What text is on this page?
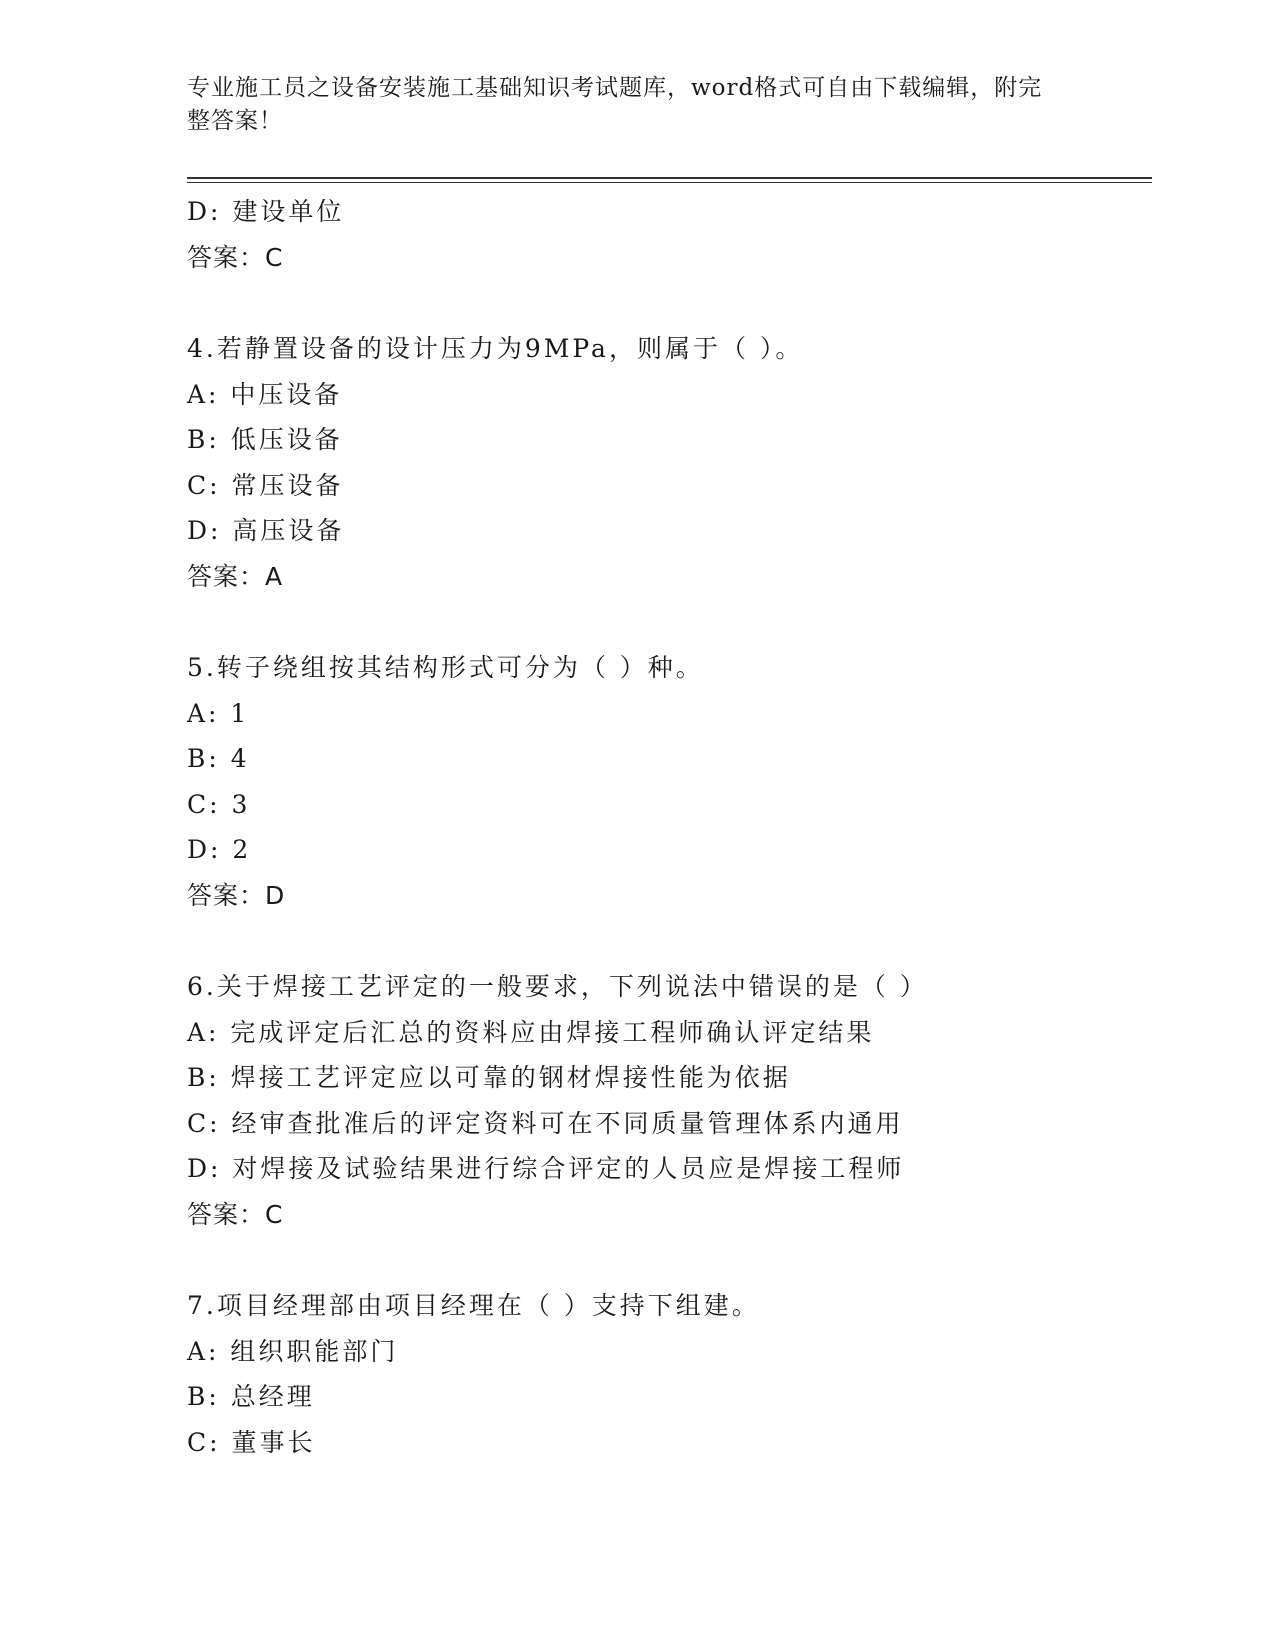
专业施工员之设备安装施工基础知识考试题库，word格式可自由下载编辑，附完
整答案！
D: 建设单位
答案：C
4.若静置设备的设计压力为9MPa，则属于（ ）。
A: 中压设备
B: 低压设备
C: 常压设备
D: 高压设备
答案：A
5.转子绕组按其结构形式可分为（ ）种。
A: 1
B: 4
C: 3
D: 2
答案：D
6.关于焊接工艺评定的一般要求，下列说法中错误的是（ ）
A: 完成评定后汇总的资料应由焊接工程师确认评定结果
B: 焊接工艺评定应以可靠的钢材焊接性能为依据
C: 经审查批准后的评定资料可在不同质量管理体系内通用
D: 对焊接及试验结果进行综合评定的人员应是焊接工程师
答案：C
7.项目经理部由项目经理在（ ）支持下组建。
A: 组织职能部门
B: 总经理
C: 董事长
